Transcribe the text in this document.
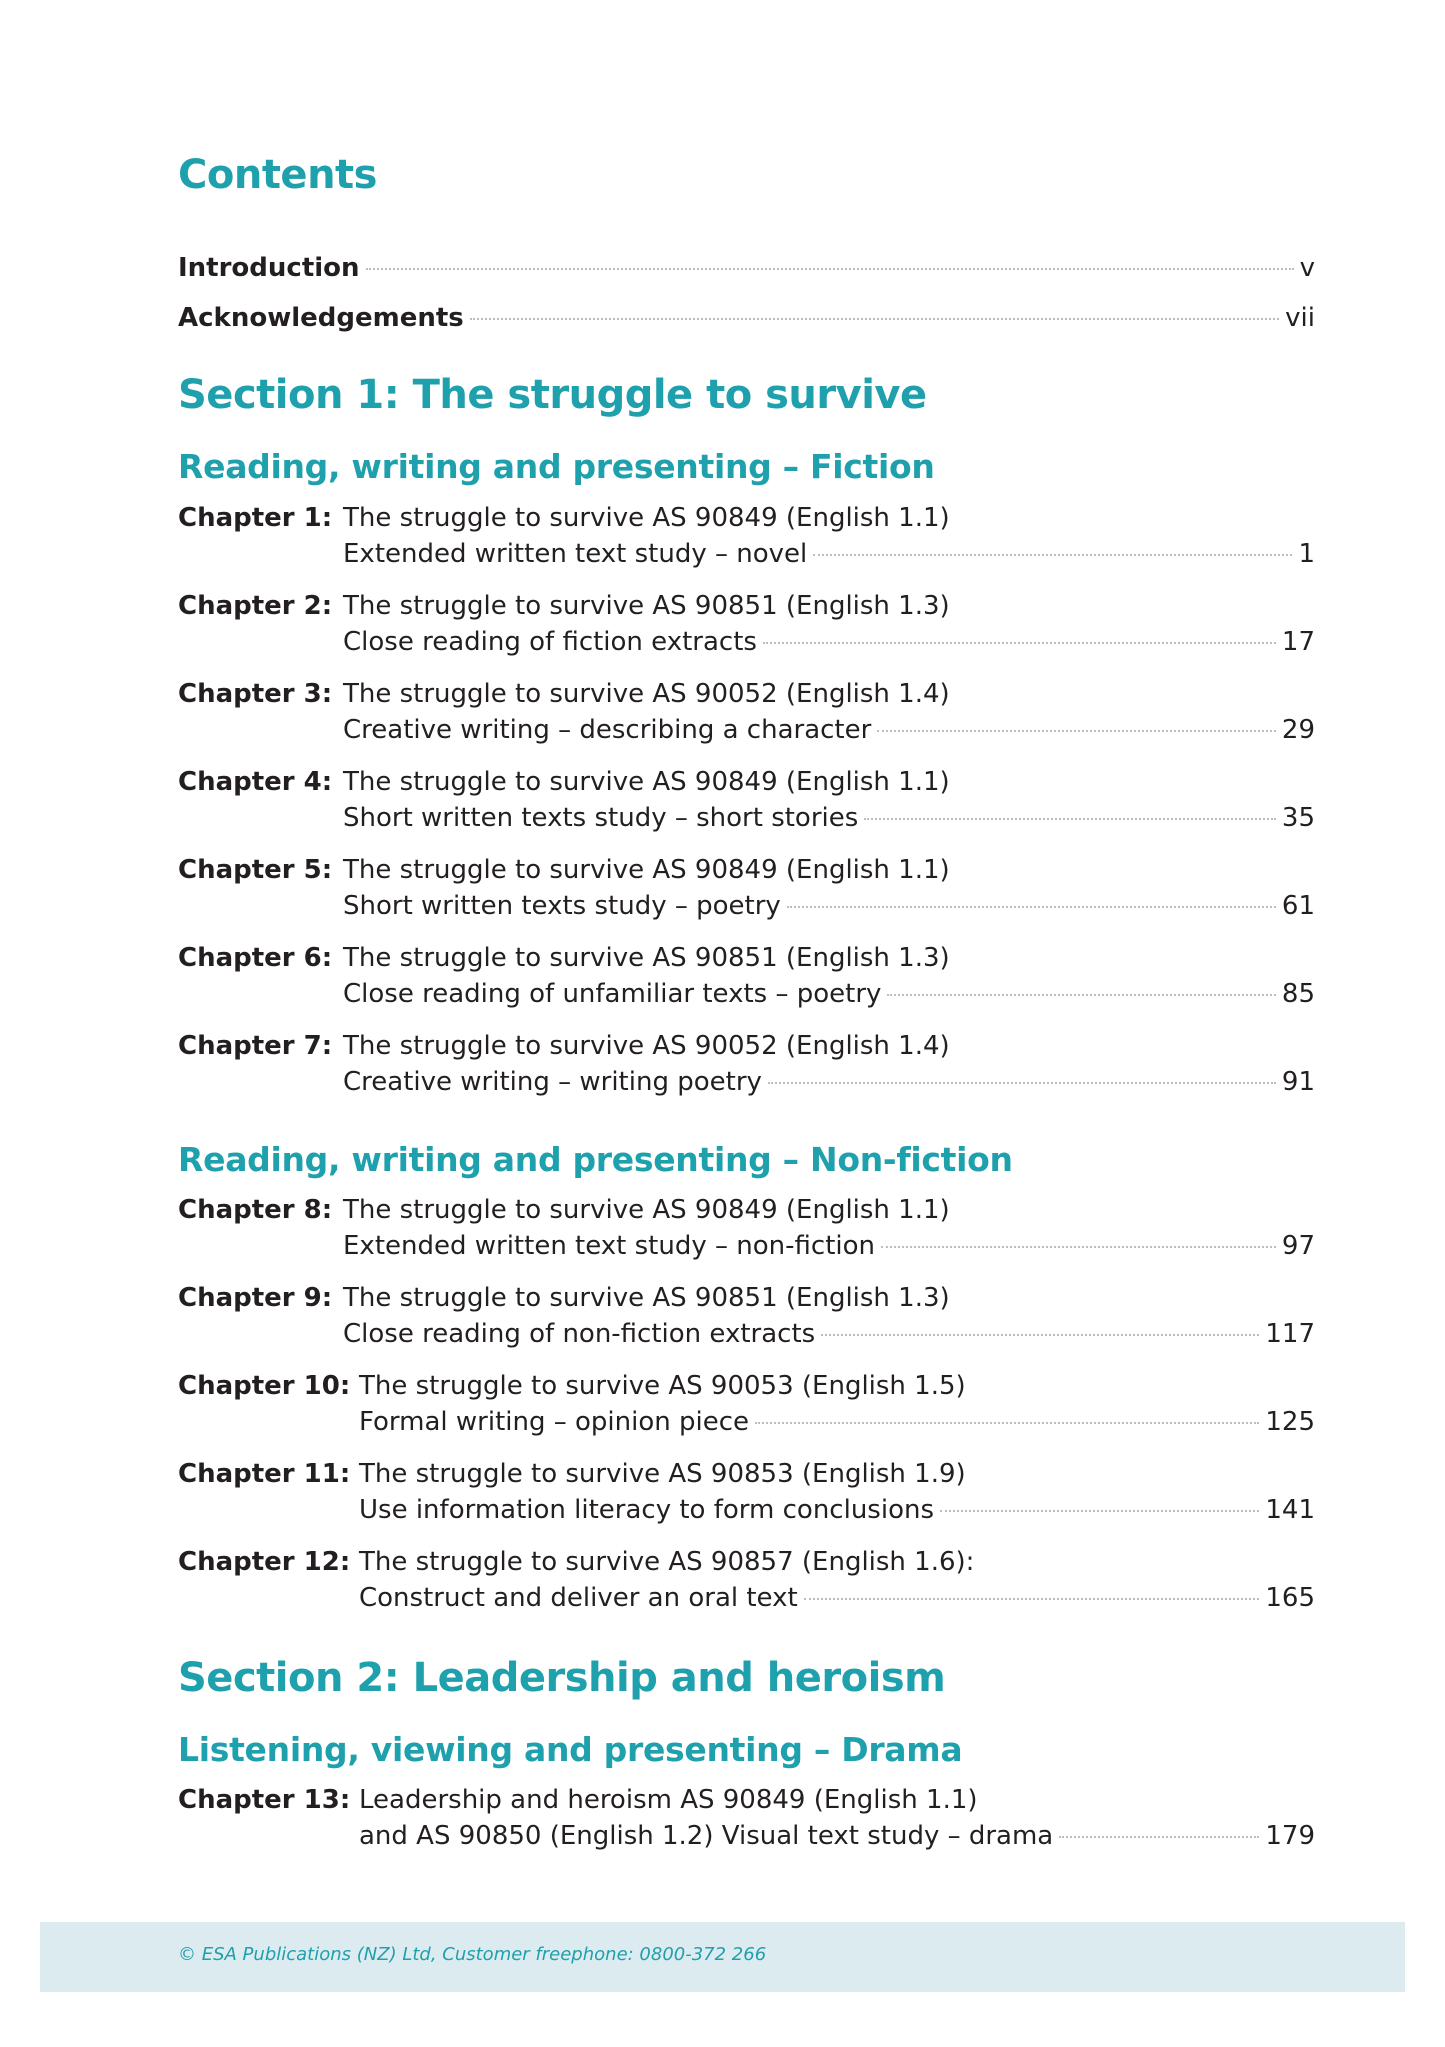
Contents
Introduction	v
Acknowledgements	vii
Section 1: The struggle to survive
Reading, writing and presenting – Fiction
Chapter 1: The struggle to survive AS 90849 (English 1.1)
Extended written text study – novel	1
Chapter 2: The struggle to survive AS 90851 (English 1.3)
Close reading of fiction extracts	17
Chapter 3: The struggle to survive AS 90052 (English 1.4)
Creative writing – describing a character	29
Chapter 4: The struggle to survive AS 90849 (English 1.1)
Short written texts study – short stories	35
Chapter 5: The struggle to survive AS 90849 (English 1.1)
Short written texts study – poetry	61
Chapter 6: The struggle to survive AS 90851 (English 1.3)
Close reading of unfamiliar texts – poetry	85
Chapter 7: The struggle to survive AS 90052 (English 1.4)
Creative writing – writing poetry	91
Reading, writing and presenting – Non-fiction
Chapter 8: The struggle to survive AS 90849 (English 1.1)
Extended written text study – non-fiction	97
Chapter 9: The struggle to survive AS 90851 (English 1.3)
Close reading of non-fiction extracts	117
Chapter 10: The struggle to survive AS 90053 (English 1.5)
Formal writing – opinion piece	125
Chapter 11: The struggle to survive AS 90853 (English 1.9)
Use information literacy to form conclusions	141
Chapter 12: The struggle to survive AS 90857 (English 1.6):
Construct and deliver an oral text	165
Section 2: Leadership and heroism
Listening, viewing and presenting – Drama
Chapter 13: Leadership and heroism AS 90849 (English 1.1)
and AS 90850 (English 1.2) Visual text study – drama	179
© ESA Publications (NZ) Ltd, Customer freephone: 0800-372 266
